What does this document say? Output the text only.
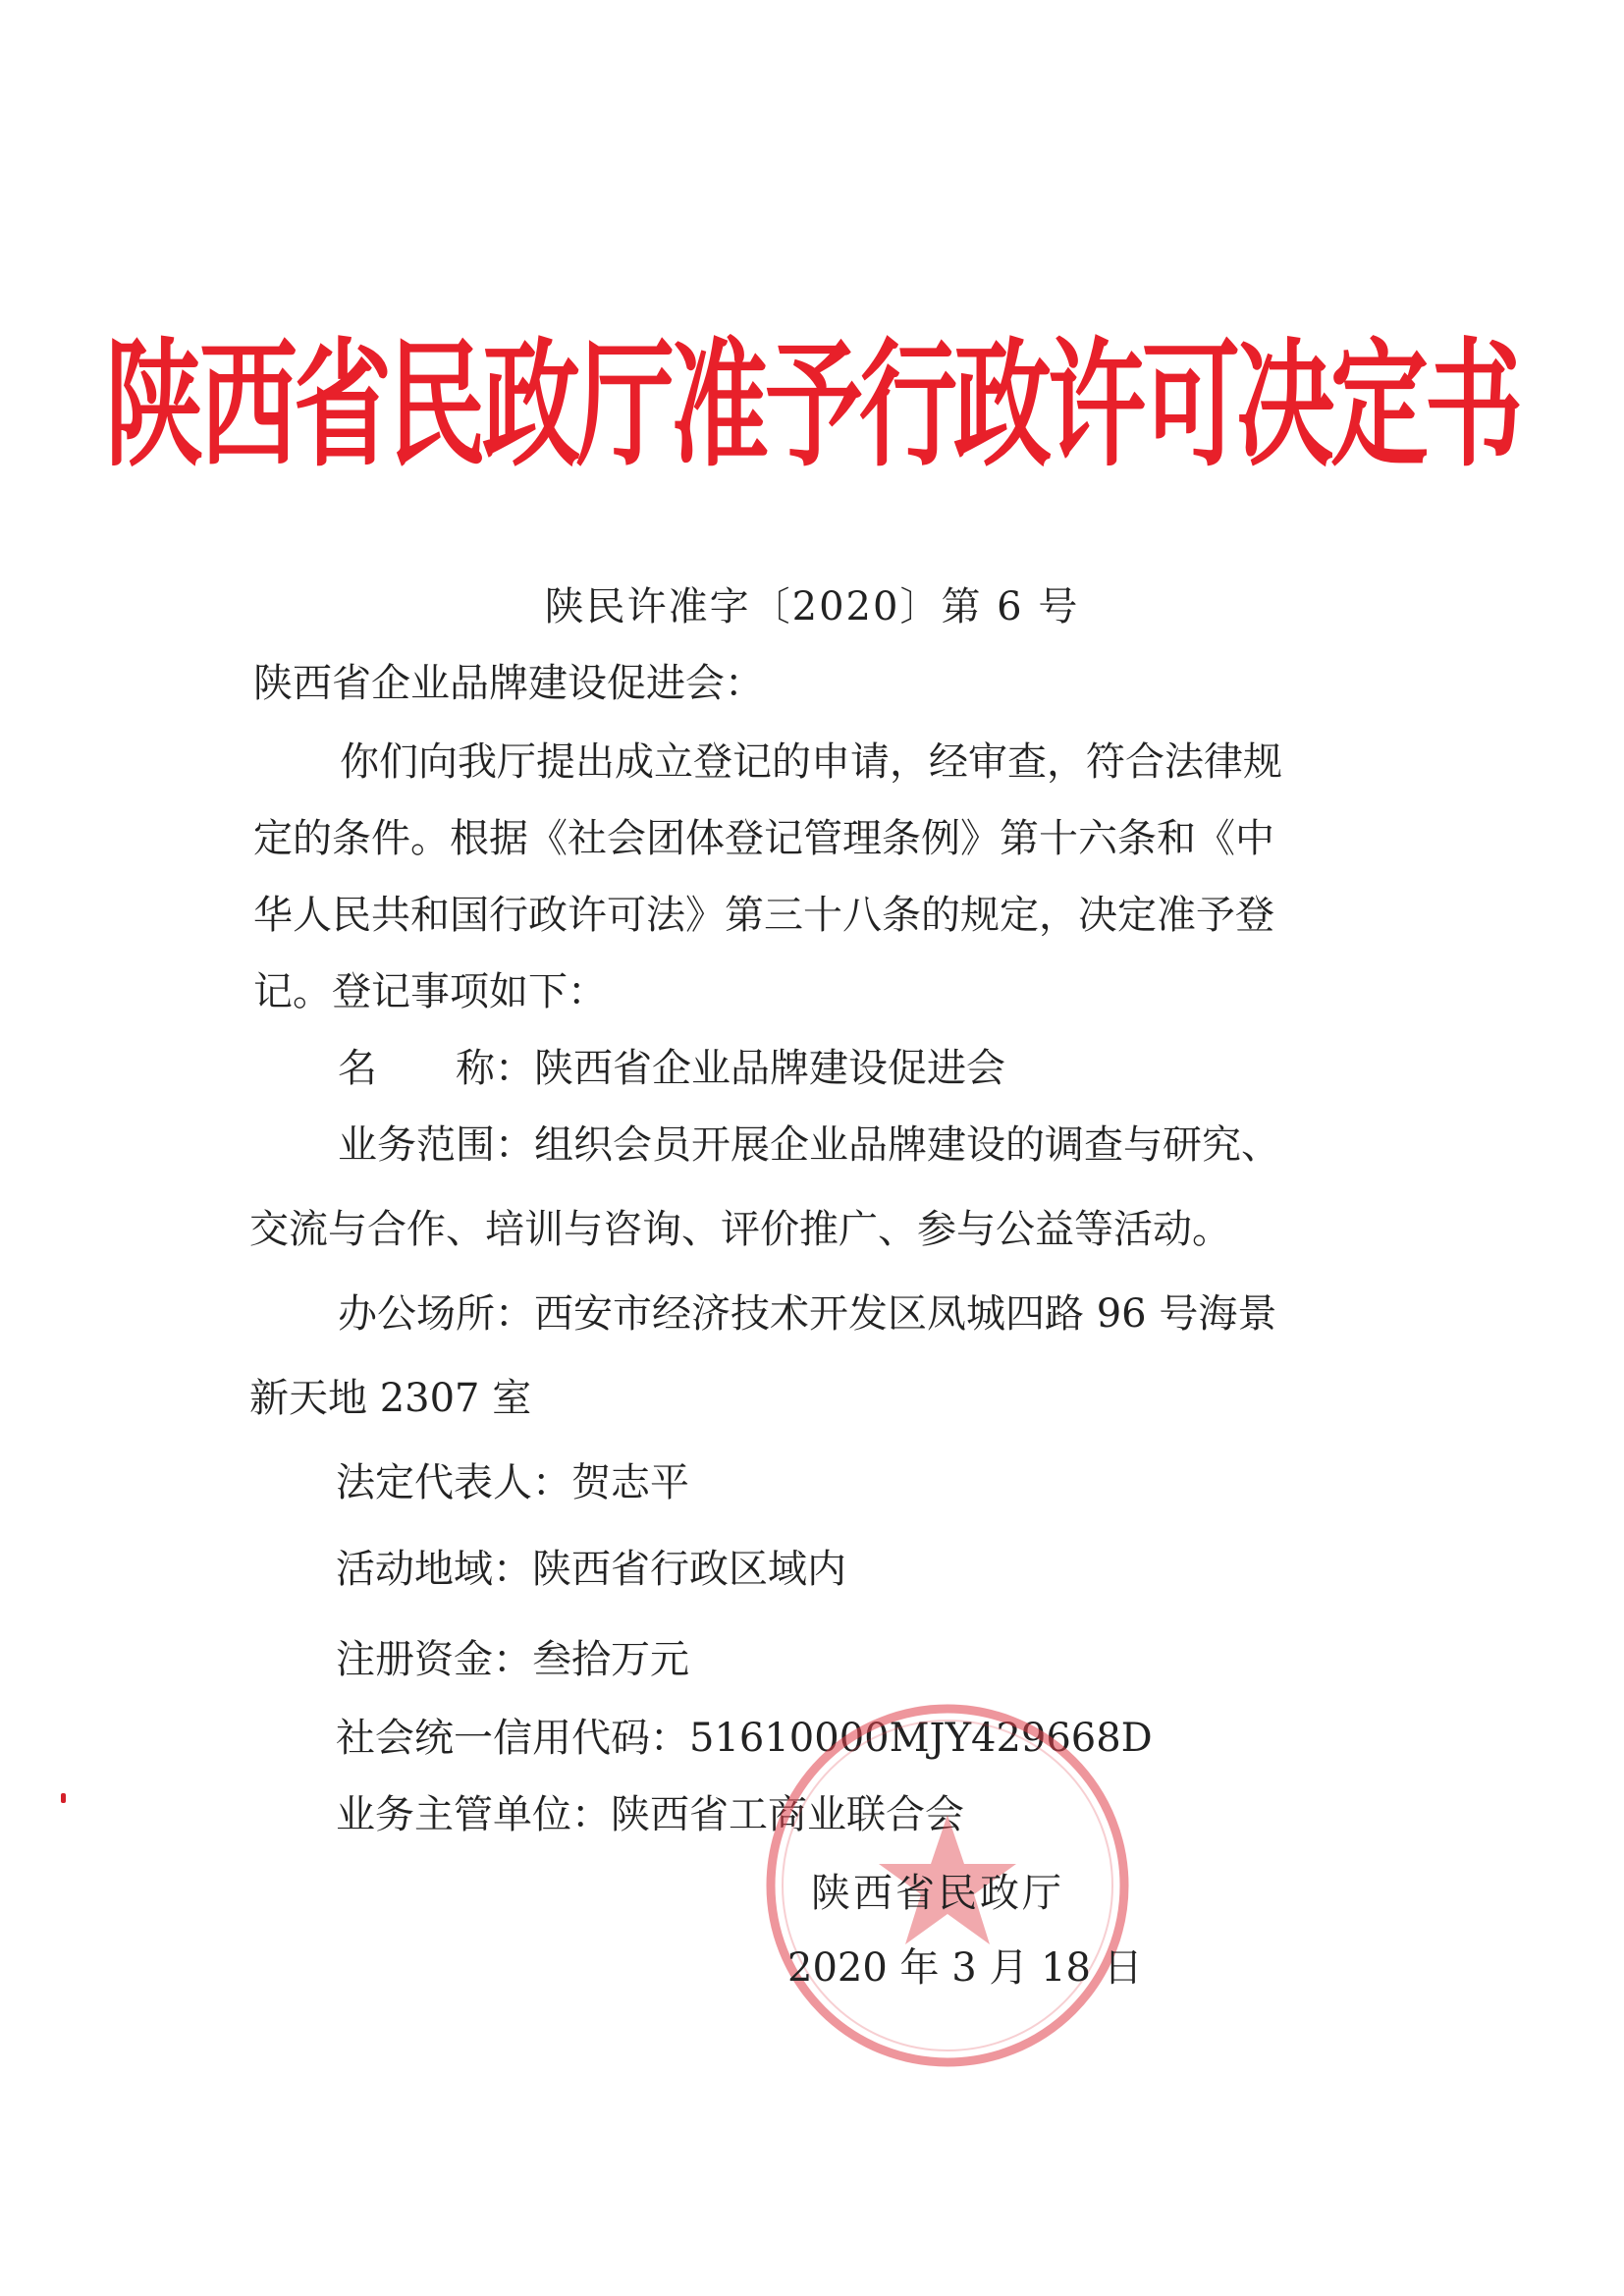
陕西省民政厅准予行政许可决定书
陕民许准字〔2020〕第 6 号
陕西省企业品牌建设促进会：
你们向我厅提出成立登记的申请，经审查，符合法律规
定的条件。根据《社会团体登记管理条例》第十六条和《中
华人民共和国行政许可法》第三十八条的规定，决定准予登
记。登记事项如下：
名　　称：陕西省企业品牌建设促进会
业务范围：组织会员开展企业品牌建设的调查与研究、
交流与合作、培训与咨询、评价推广、参与公益等活动。
办公场所：西安市经济技术开发区凤城四路 96 号海景
新天地 2307 室
法定代表人：贺志平
活动地域：陕西省行政区域内
注册资金：叁拾万元
社会统一信用代码：51610000MJY429668D
业务主管单位：陕西省工商业联合会
陕西省民政厅
2020 年 3 月 18 日
